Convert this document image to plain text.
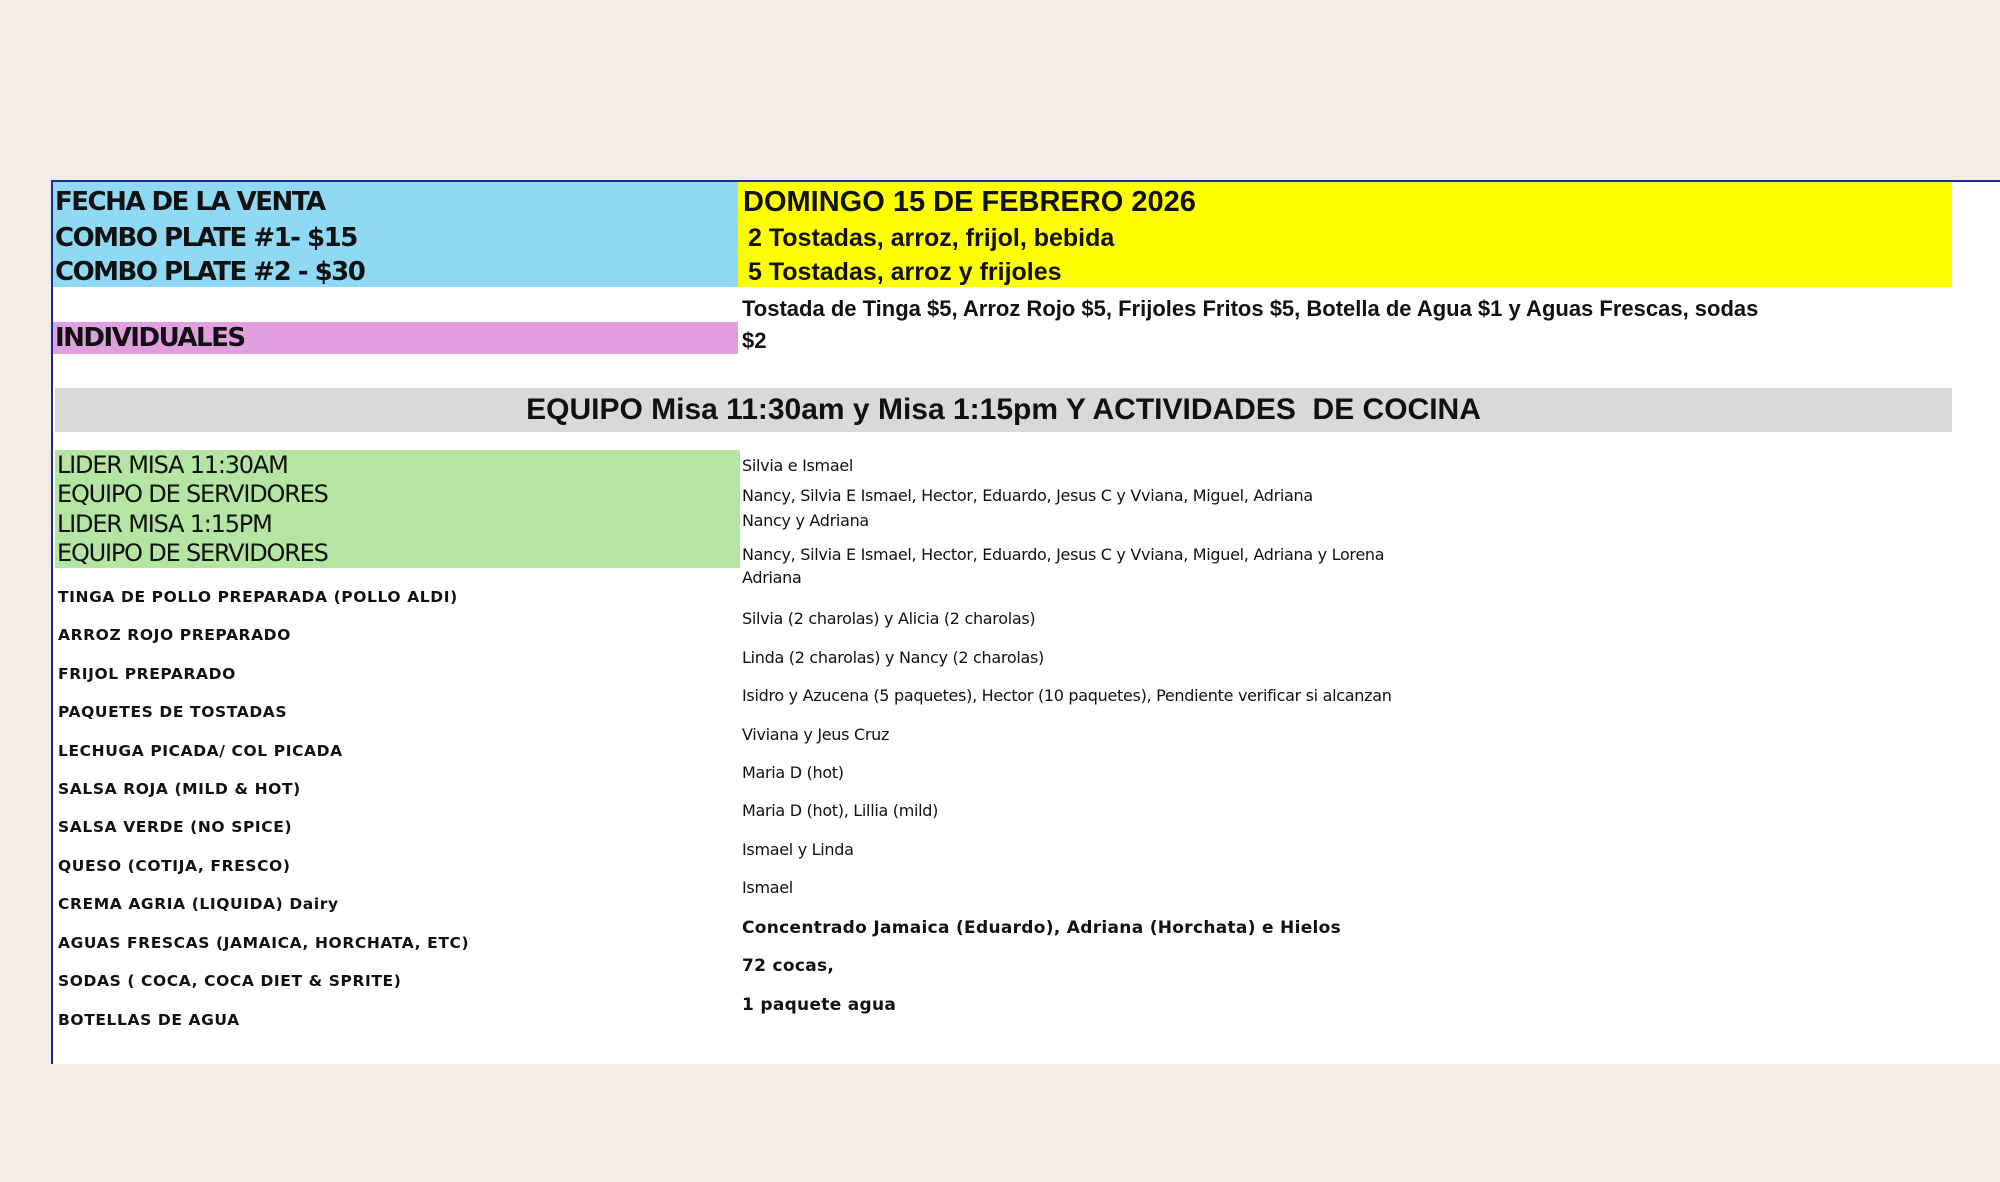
FECHA DE LA VENTA
COMBO PLATE #1- $15
COMBO PLATE #2 - $30
DOMINGO 15 DE FEBRERO 2026
2 Tostadas, arroz, frijol, bebida
5 Tostadas, arroz y frijoles
INDIVIDUALES
Tostada de Tinga $5, Arroz Rojo $5, Frijoles Fritos $5, Botella de Agua $1 y Aguas Frescas, sodas
$2
EQUIPO Misa 11:30am y Misa 1:15pm Y ACTIVIDADES  DE COCINA
LIDER MISA 11:30AM
EQUIPO DE SERVIDORES
LIDER MISA 1:15PM
EQUIPO DE SERVIDORES
Silvia e Ismael
Nancy, Silvia E Ismael, Hector, Eduardo, Jesus C y Vviana, Miguel, Adriana
Nancy y Adriana
Nancy, Silvia E Ismael, Hector, Eduardo, Jesus C y Vviana, Miguel, Adriana y Lorena
Adriana
TINGA DE POLLO PREPARADA (POLLO ALDI)
ARROZ ROJO PREPARADO
FRIJOL PREPARADO
PAQUETES DE TOSTADAS
LECHUGA PICADA/ COL PICADA
SALSA ROJA (MILD & HOT)
SALSA VERDE (NO SPICE)
QUESO (COTIJA, FRESCO)
CREMA AGRIA (LIQUIDA) Dairy
AGUAS FRESCAS (JAMAICA, HORCHATA, ETC)
SODAS ( COCA, COCA DIET & SPRITE)
BOTELLAS DE AGUA
Silvia (2 charolas) y Alicia (2 charolas)
Linda (2 charolas) y Nancy (2 charolas)
Isidro y Azucena (5 paquetes), Hector (10 paquetes), Pendiente verificar si alcanzan
Viviana y Jeus Cruz
Maria D (hot)
Maria D (hot), Lillia (mild)
Ismael y Linda
Ismael
Concentrado Jamaica (Eduardo), Adriana (Horchata) e Hielos
72 cocas,
1 paquete agua
